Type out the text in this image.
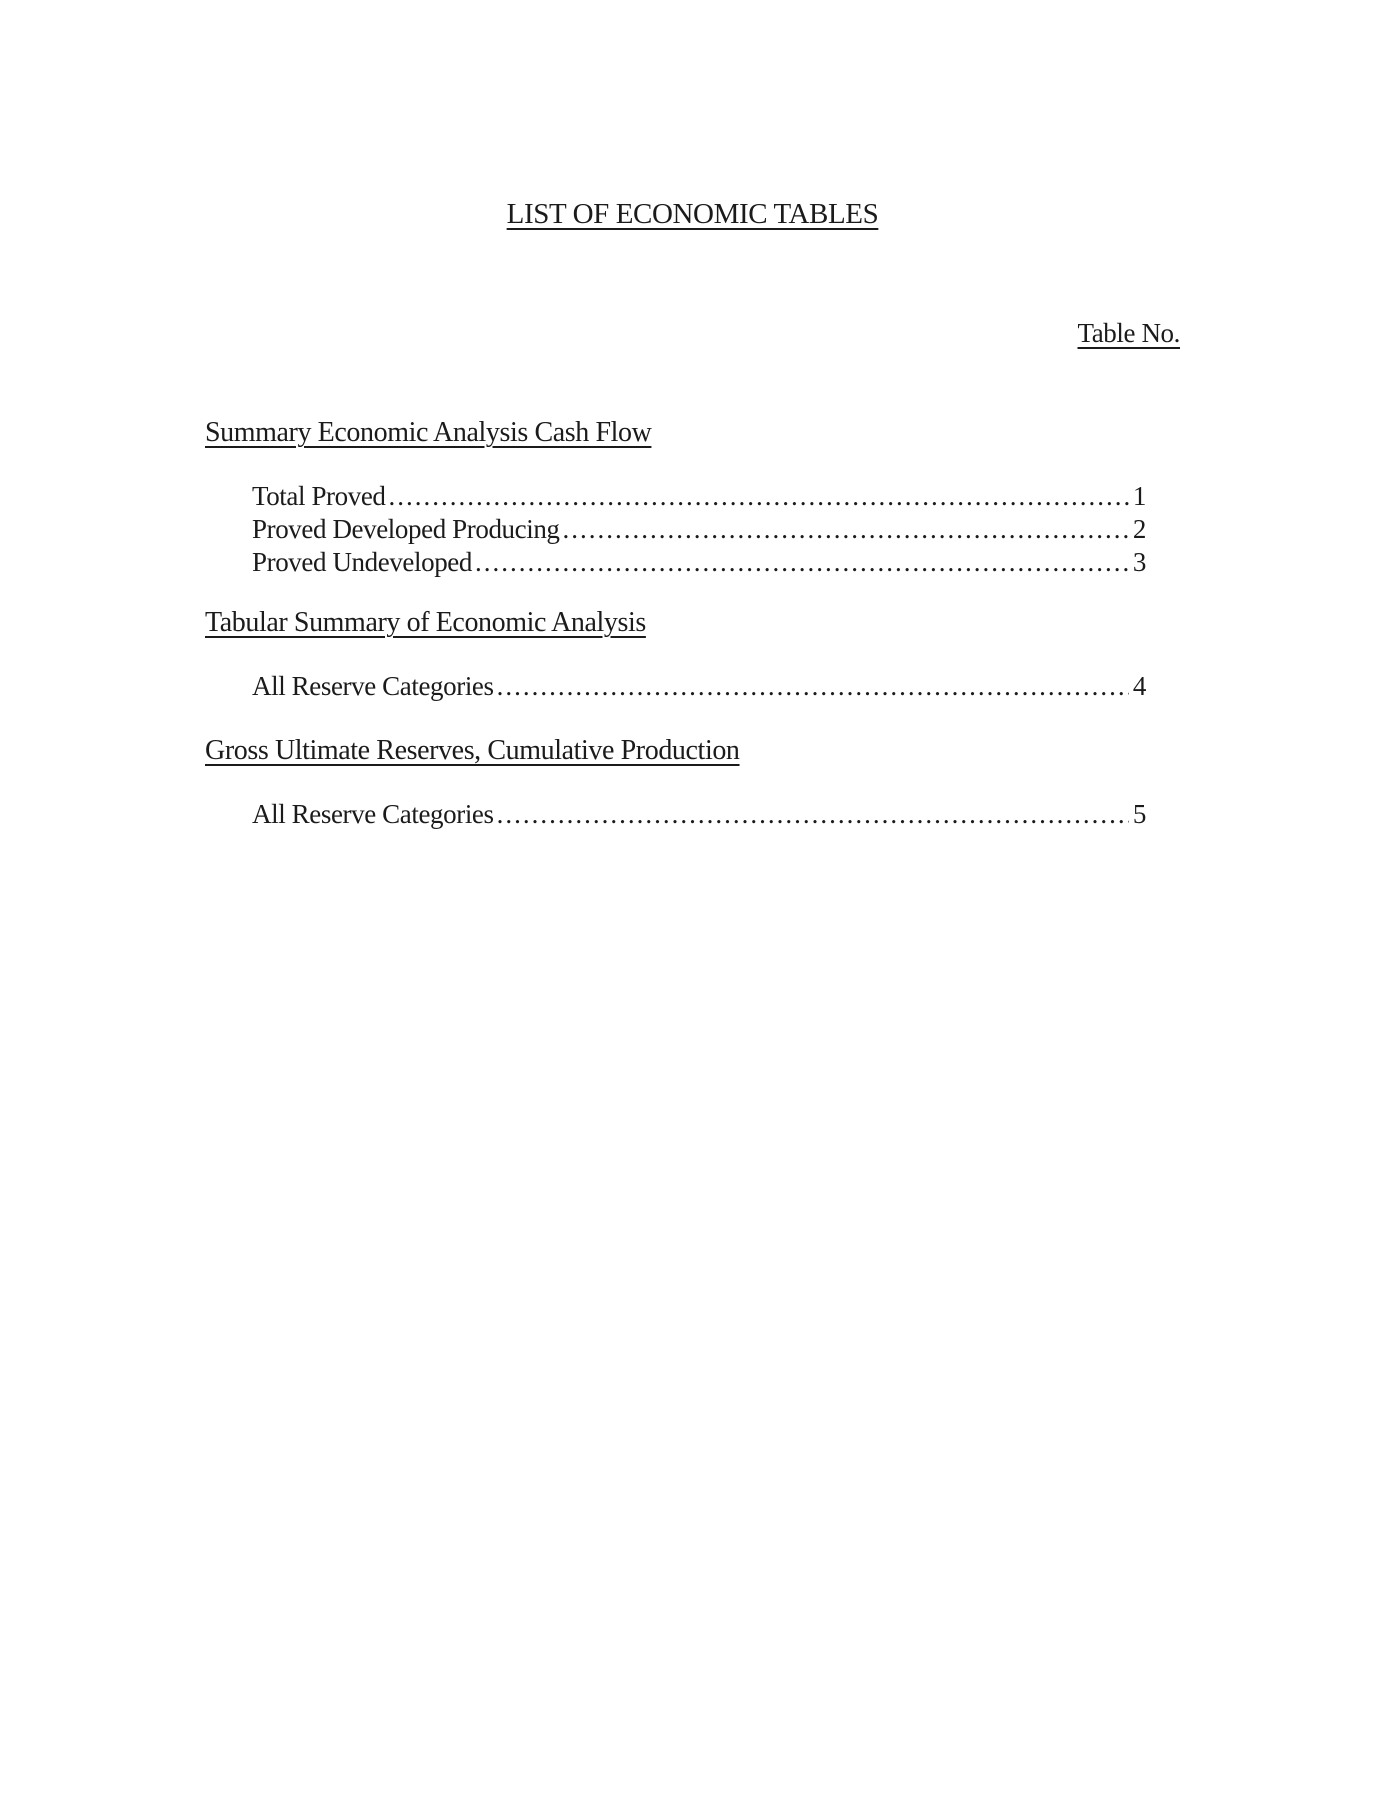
LIST OF ECONOMIC TABLES
Table No.
Summary Economic Analysis Cash Flow
Total Proved .....	1
Proved Developed Producing .....	2
Proved Undeveloped .....	3
Tabular Summary of Economic Analysis
All Reserve Categories .....	4
Gross Ultimate Reserves, Cumulative Production
All Reserve Categories .....	5
